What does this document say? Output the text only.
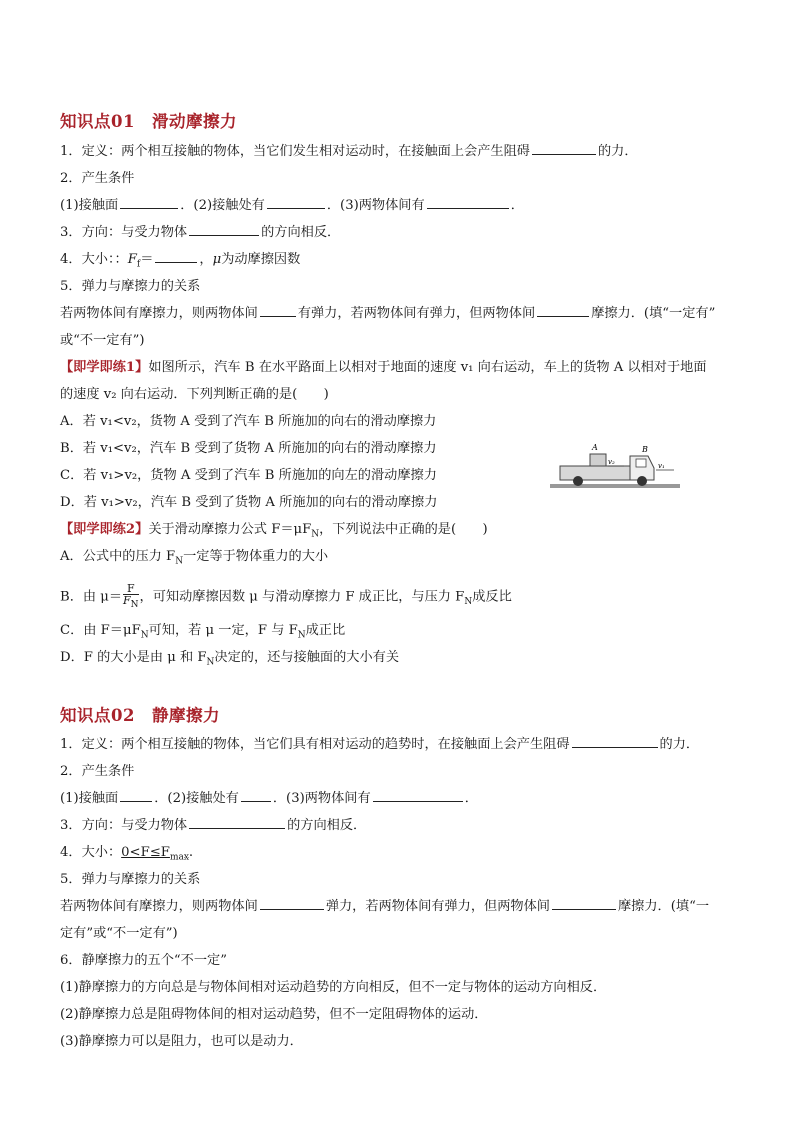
知识点01　滑动摩擦力
1．定义：两个相互接触的物体，当它们发生相对运动时，在接触面上会产生阻碍	的力．
2．产生条件
(1)接触面	．(2)接触处有	．(3)两物体间有	．
3．方向：与受力物体	的方向相反．
4．大小：：$F_f=$	，μ为动摩擦因数
5．弹力与摩擦力的关系
若两物体间有摩擦力，则两物体间	有弹力，若两物体间有弹力，但两物体间	摩擦力．(填“一定有”
或“不一定有”)
【即学即练1】如图所示，汽车 B 在水平路面上以相对于地面的速度 v₁ 向右运动，车上的货物 A 以相对于地面
的速度 v₂ 向右运动．下列判断正确的是(　　)
A．若 v₁<v₂，货物 A 受到了汽车 B 所施加的向右的滑动摩擦力
B．若 v₁<v₂，汽车 B 受到了货物 A 所施加的向右的滑动摩擦力
C．若 v₁>v₂，货物 A 受到了汽车 B 所施加的向左的滑动摩擦力
D．若 v₁>v₂，汽车 B 受到了货物 A 所施加的向右的滑动摩擦力
A	B
v₂	v₁
【即学即练2】关于滑动摩擦力公式 $F=\mu F_N$，下列说法中正确的是(　　)
A．公式中的压力 $F_N$一定等于物体重力的大小
B．由 $\mu= \frac{F}{F_N}$ ，可知动摩擦因数 μ 与滑动摩擦力 F 成正比，与压力 $F_N$成反比
C．由 $F=\mu F_N$可知，若 μ 一定，F 与 $F_N$成正比
D．F 的大小是由 μ 和 $F_N$决定的，还与接触面的大小有关
知识点02　静摩擦力
1．定义：两个相互接触的物体，当它们具有相对运动的趋势时，在接触面上会产生阻碍	的力．
2．产生条件
(1)接触面	．(2)接触处有	．(3)两物体间有	．
3．方向：与受力物体	的方向相反．
4．大小：$0<F\le F_{max}$.
5．弹力与摩擦力的关系
若两物体间有摩擦力，则两物体间	弹力，若两物体间有弹力，但两物体间	摩擦力．(填“一
定有”或“不一定有”)
6．静摩擦力的五个“不一定”
(1)静摩擦力的方向总是与物体间相对运动趋势的方向相反，但不一定与物体的运动方向相反．
(2)静摩擦力总是阻碍物体间的相对运动趋势，但不一定阻碍物体的运动．
(3)静摩擦力可以是阻力，也可以是动力．
